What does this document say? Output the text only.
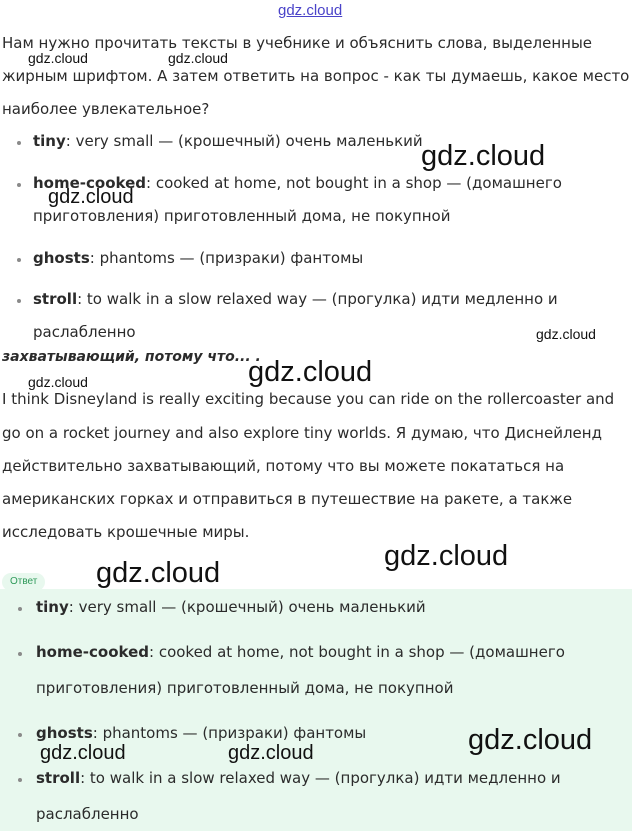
gdz.cloud
gdz.cloud	gdz.cloud
gdz.cloud
gdz.cloud
gdz.cloud
gdz.cloud
gdz.cloud
Нам нужно прочитать тексты в учебнике и объяснить слова, выделенные
жирным шрифтом. А затем ответить на вопрос - как ты думаешь, какое место
наиболее увлекательное?
tiny: very small — (крошечный) очень маленький
home-cooked: cooked at home, not bought in a shop — (домашнего
приготовления) приготовленный дома, не покупной
ghosts: phantoms — (призраки) фантомы
stroll: to walk in a slow relaxed way — (прогулка) идти медленно и
раслабленно
захватывающий, потому что... .
I think Disneyland is really exciting because you can ride on the rollercoaster and
go on a rocket journey and also explore tiny worlds. Я думаю, что Диснейленд
действительно захватывающий, потому что вы можете покататься на
американских горках и отправиться в путешествие на ракете, а также
исследовать крошечные миры.
Ответ
gdz.cloud
gdz.cloud
tiny: very small — (крошечный) очень маленький
home-cooked: cooked at home, not bought in a shop — (домашнего
приготовления) приготовленный дома, не покупной
ghosts: phantoms — (призраки) фантомы
stroll: to walk in a slow relaxed way — (прогулка) идти медленно и
раслабленно
gdz.cloud	gdz.cloud	gdz.cloud
